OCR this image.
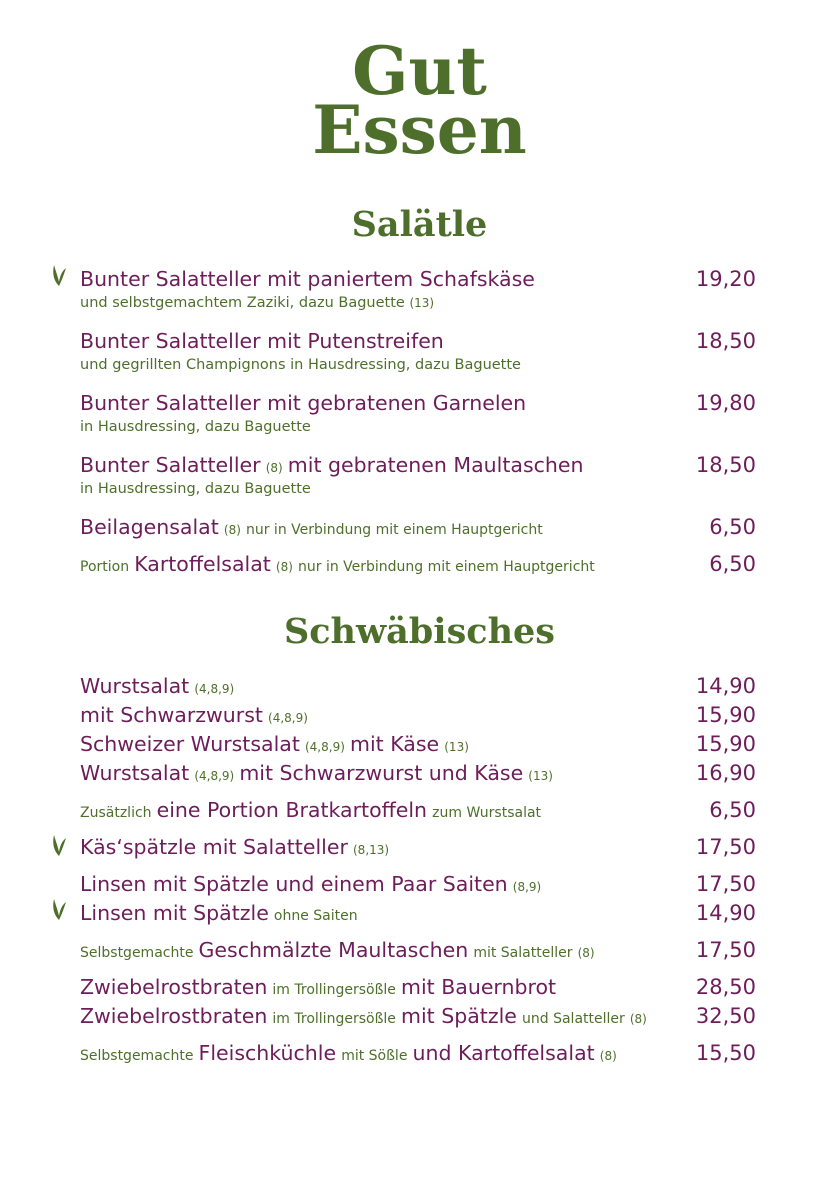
Gut
Essen
Salätle
Bunter Salatteller mit paniertem Schafskäse	19,20
und selbstgemachtem Zaziki, dazu Baguette (13)
Bunter Salatteller mit Putenstreifen	18,50
und gegrillten Champignons in Hausdressing, dazu Baguette
Bunter Salatteller mit gebratenen Garnelen	19,80
in Hausdressing, dazu Baguette
Bunter Salatteller (8) mit gebratenen Maultaschen	18,50
in Hausdressing, dazu Baguette
Beilagensalat (8) nur in Verbindung mit einem Hauptgericht	6,50
Portion Kartoffelsalat (8) nur in Verbindung mit einem Hauptgericht	6,50
Schwäbisches
Wurstsalat (4,8,9)	14,90
mit Schwarzwurst (4,8,9)	15,90
Schweizer Wurstsalat (4,8,9) mit Käse (13)	15,90
Wurstsalat (4,8,9) mit Schwarzwurst und Käse (13)	16,90
Zusätzlich eine Portion Bratkartoffeln zum Wurstsalat	6,50
Käs‘spätzle mit Salatteller (8,13)	17,50
Linsen mit Spätzle und einem Paar Saiten (8,9)	17,50
Linsen mit Spätzle ohne Saiten	14,90
Selbstgemachte Geschmälzte Maultaschen mit Salatteller (8)	17,50
Zwiebelrostbraten im Trollingersößle mit Bauernbrot	28,50
Zwiebelrostbraten im Trollingersößle mit Spätzle und Salatteller (8) 32,50
Selbstgemachte Fleischküchle mit Sößle und Kartoffelsalat (8)	15,50
